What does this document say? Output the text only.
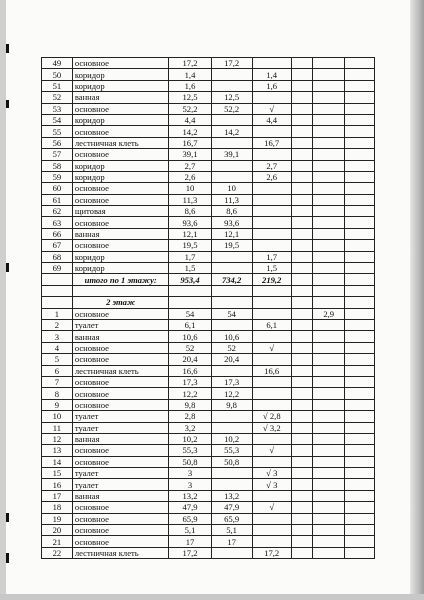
49	основное	17,2	17,2				
50	коридор	1,4		1,4			
51	коридор	1,6		1,6			
52	ванная	12,5	12,5				
53	основное	52,2	52,2	√			
54	коридор	4,4		4,4			
55	основное	14,2	14,2				
56	лестничная клеть	16,7		16,7			
57	основное	39,1	39,1				
58	коридор	2,7		2,7			
59	коридор	2,6		2,6			
60	основное	10	10				
61	основное	11,3	11,3				
62	щитовая	8,6	8,6				
63	основное	93,6	93,6				
66	ванная	12,1	12,1				
67	основное	19,5	19,5				
68	коридор	1,7		1,7			
69	коридор	1,5		1,5			
	итого по 1 этажу:	953,4	734,2	219,2			

	2 этаж						
1	основное	54	54			2,9	
2	туалет	6,1		6,1			
3	ванная	10,6	10,6				
4	основное	52	52	√			
5	основное	20,4	20,4				
6	лестничная клеть	16,6		16,6			
7	основное	17,3	17,3				
8	основное	12,2	12,2				
9	основное	9,8	9,8				
10	туалет	2,8		√ 2,8			
11	туалет	3,2		√ 3,2			
12	ванная	10,2	10,2				
13	основное	55,3	55,3	√			
14	основное	50,8	50,8				
15	туалет	3		√ 3			
16	туалет	3		√ 3			
17	ванная	13,2	13,2				
18	основное	47,9	47,9	√			
19	основное	65,9	65,9				
20	основное	5,1	5,1				
21	основное	17	17				
22	лестничная клеть	17,2		17,2			
